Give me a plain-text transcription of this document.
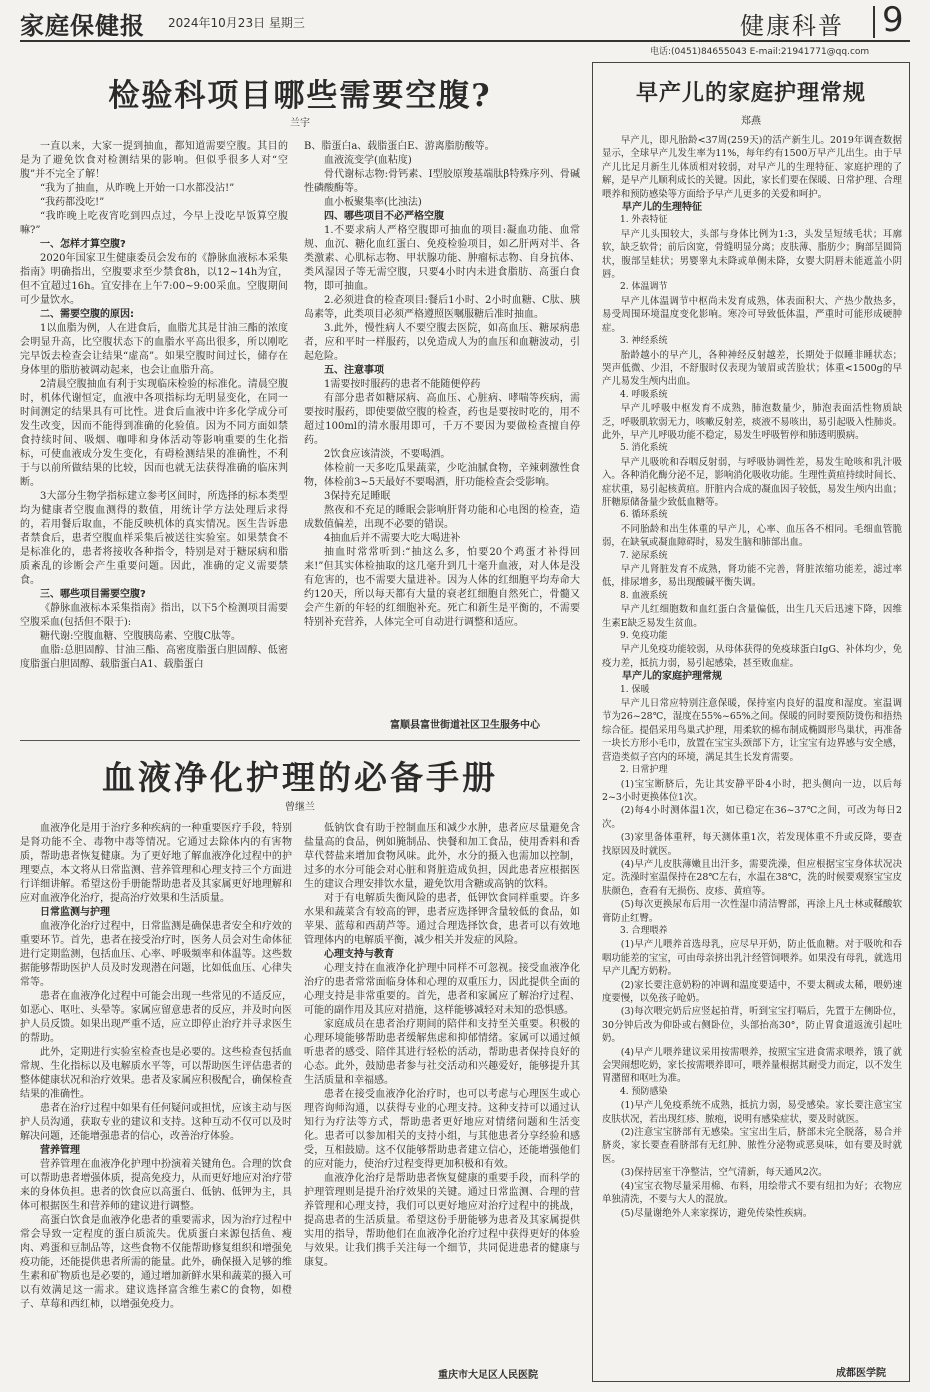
家庭保健报 2024年10月23日 星期三	健康科普 9
电话:(0451)84655043 E-mail:21941771@qq.com
检验科项目哪些需要空腹?
兰宇

一直以来，大家一提到抽血，都知道需要空腹。其目的是为了避免饮食对检测结果的影响。但似乎很多人对“空腹”并不完全了解！

“我为了抽血，从昨晚上开始一口水都没沾!”

“我药都没吃!”

“我昨晚上吃夜宵吃到四点过，今早上没吃早饭算空腹嘛?”

一、怎样才算空腹?

2020年国家卫生健康委员会发布的《静脉血液标本采集指南》明确指出，空腹要求至少禁食8h，以12~14h为宜，但不宜超过16h。宜安排在上午7:00~9:00采血。空腹期间可少量饮水。

二、需要空腹的原因:

1以血脂为例，人在进食后，血脂尤其是甘油三酯的浓度会明显升高，比空腹状态下的血脂水平高出很多，所以刚吃完早饭去检查会让结果“虚高”。如果空腹时间过长，储存在身体里的脂肪被调动起来，也会让血脂升高。

2清晨空腹抽血有利于实现临床检验的标准化。清晨空腹时，机体代谢恒定，血液中各项指标均无明显变化，在同一时间测定的结果具有可比性。进食后血液中许多化学成分可发生改变，因而不能得到准确的化验值。因为不同方面如禁食持续时间、吸烟、咖啡和身体活动等影响重要的生化指标，可使血液成分发生变化，有碍检测结果的准确性，不利于与以前所做结果的比较，因而也就无法获得准确的临床判断。

3大部分生物学指标建立参考区间时，所选择的标本类型均为健康者空腹血测得的数值，用统计学方法处理后求得的，若用餐后取血，不能反映机体的真实情况。医生告诉患者禁食后，患者空腹血样采集后被送往实验室。如果禁食不是标准化的，患者将接收各种指令，特别是对于糖尿病和脂质紊乱的诊断会产生重要问题。因此，准确的定义需要禁食。

三、哪些项目需要空腹?

《静脉血液标本采集指南》指出，以下5个检测项目需要空腹采血(包括但不限于):

糖代谢:空腹血糖、空腹胰岛素、空腹C肽等。

血脂:总胆固醇、甘油三酯、高密度脂蛋白胆固醇、低密度脂蛋白胆固醇、载脂蛋白A1、载脂蛋白

B、脂蛋白a、载脂蛋白E、游离脂肪酸等。

血液流变学(血粘度)

骨代谢标志物:骨钙素、I型胶原羧基端肽β特殊序列、骨碱性磷酸酶等。

血小板聚集率(比浊法)

四、哪些项目不必严格空腹

1.不要求病人严格空腹即可抽血的项目:凝血功能、血常规、血沉、糖化血红蛋白、免疫检验项目，如乙肝两对半、各类激素、心肌标志物、甲状腺功能、肿瘤标志物、自身抗体、类风湿因子等无需空腹，只要4小时内未进食脂肪、高蛋白食物，即可抽血。

2.必须进食的检查项目:餐后1小时、2小时血糖、C肽、胰岛素等，此类项目必须严格遵照医嘱服糖后准时抽血。

3.此外，慢性病人不要空腹去医院，如高血压、糖尿病患者，应和平时一样服药，以免造成人为的血压和血糖波动，引起危险。

五、注意事项

1需要按时服药的患者不能随便停药

有部分患者如糖尿病、高血压、心脏病、哮喘等疾病，需要按时服药，即使要做空腹的检查，药也是要按时吃的，用不超过100ml的清水服用即可，千万不要因为要做检查擅自停药。

2饮食应该清淡，不要喝酒。

体检前一天多吃瓜果蔬菜，少吃油腻食物，辛辣刺激性食物，体检前3~5天最好不要喝酒，肝功能检查会受影响。

3保持充足睡眠

熬夜和不充足的睡眠会影响肝肾功能和心电图的检查，造成数值偏差，出现不必要的错误。

4抽血后并不需要大吃大喝进补

抽血时常常听到:“抽这么多，怕要20个鸡蛋才补得回来!”但其实体检抽取的这几毫升到几十毫升血液，对人体是没有危害的，也不需要大量进补。因为人体的红细胞平均寿命大约120天，所以每天都有大量的衰老红细胞自然死亡，骨髓又会产生新的年轻的红细胞补充。死亡和新生是平衡的，不需要特别补充营养，人体完全可自动进行调整和适应。

富顺县富世街道社区卫生服务中心
血液净化护理的必备手册
曾继兰

血液净化是用于治疗多种疾病的一种重要医疗手段，特别是肾功能不全、毒物中毒等情况。它通过去除体内的有害物质，帮助患者恢复健康。为了更好地了解血液净化过程中的护理要点，本文将从日常监测、营养管理和心理支持三个方面进行详细讲解。希望这份手册能帮助患者及其家属更好地理解和应对血液净化治疗，提高治疗效果和生活质量。

日常监测与护理

血液净化治疗过程中，日常监测是确保患者安全和疗效的重要环节。首先，患者在接受治疗时，医务人员会对生命体征进行定期监测，包括血压、心率、呼吸频率和体温等。这些数据能够帮助医护人员及时发现潜在问题，比如低血压、心律失常等。

患者在血液净化过程中可能会出现一些常见的不适反应，如恶心、呕吐、头晕等。家属应留意患者的反应，并及时向医护人员反馈。如果出现严重不适，应立即停止治疗并寻求医生的帮助。

此外，定期进行实验室检查也是必要的。这些检查包括血常规、生化指标以及电解质水平等，可以帮助医生评估患者的整体健康状况和治疗效果。患者及家属应积极配合，确保检查结果的准确性。

患者在治疗过程中如果有任何疑问或担忧，应该主动与医护人员沟通，获取专业的建议和支持。这种互动不仅可以及时解决问题，还能增强患者的信心，改善治疗体验。

营养管理

营养管理在血液净化护理中扮演着关键角色。合理的饮食可以帮助患者增强体质，提高免疫力，从而更好地应对治疗带来的身体负担。患者的饮食应以高蛋白、低钠、低钾为主，具体可根据医生和营养师的建议进行调整。

高蛋白饮食是血液净化患者的重要需求，因为治疗过程中常会导致一定程度的蛋白质流失。优质蛋白来源包括鱼、瘦肉、鸡蛋和豆制品等，这些食物不仅能帮助修复组织和增强免疫功能，还能提供患者所需的能量。此外，确保摄入足够的维生素和矿物质也是必要的，通过增加新鲜水果和蔬菜的摄入可以有效满足这一需求。建议选择富含维生素C的食物，如橙子、草莓和西红柿，以增强免疫力。

低钠饮食有助于控制血压和减少水肿，患者应尽量避免含盐量高的食品，例如腌制品、快餐和加工食品，使用香料和香草代替盐来增加食物风味。此外，水分的摄入也需加以控制，过多的水分可能会对心脏和肾脏造成负担，因此患者应根据医生的建议合理安排饮水量，避免饮用含糖或高钠的饮料。

对于有电解质失衡风险的患者，低钾饮食同样重要。许多水果和蔬菜含有较高的钾，患者应选择钾含量较低的食品，如苹果、蓝莓和西葫芦等。通过合理选择饮食，患者可以有效地管理体内的电解质平衡，减少相关并发症的风险。

心理支持与教育

心理支持在血液净化护理中同样不可忽视。接受血液净化治疗的患者常常面临身体和心理的双重压力，因此提供全面的心理支持是非常重要的。首先，患者和家属应了解治疗过程、可能的副作用及其应对措施，这样能够减轻对未知的恐惧感。

家庭成员在患者治疗期间的陪伴和支持至关重要。积极的心理环境能够帮助患者缓解焦虑和抑郁情绪。家属可以通过倾听患者的感受、陪伴其进行轻松的活动，帮助患者保持良好的心态。此外，鼓励患者参与社交活动和兴趣爱好，能够提升其生活质量和幸福感。

患者在接受血液净化治疗时，也可以考虑与心理医生或心理咨询师沟通，以获得专业的心理支持。这种支持可以通过认知行为疗法等方式，帮助患者更好地应对情绪问题和生活变化。患者可以参加相关的支持小组，与其他患者分享经验和感受，互相鼓励。这不仅能够帮助患者建立信心，还能增强他们的应对能力，使治疗过程变得更加积极和有效。

血液净化治疗是帮助患者恢复健康的重要手段，而科学的护理管理则是提升治疗效果的关键。通过日常监测、合理的营养管理和心理支持，我们可以更好地应对治疗过程中的挑战，提高患者的生活质量。希望这份手册能够为患者及其家属提供实用的指导，帮助他们在血液净化治疗过程中获得更好的体验与效果。让我们携手关注每一个细节，共同促进患者的健康与康复。

重庆市大足区人民医院
早产儿的家庭护理常规
郑燕

早产儿，即凡胎龄<37周(259天)的活产新生儿。2019年调查数据显示，全球早产儿发生率为11%，每年约有1500万早产儿出生。由于早产儿比足月新生儿体质相对较弱，对早产儿的生理特征、家庭护理的了解，是早产儿顺利成长的关键。因此，家长们要在保暖、日常护理、合理喂养和预防感染等方面给予早产儿更多的关爱和呵护。

早产儿的生理特征

1. 外表特征

早产儿头围较大，头部与身体比例为1:3，头发呈短绒毛状；耳廓软，缺乏软骨；前后囟宽，骨缝明显分离；皮肤薄、脂肪少；胸部呈圆筒状，腹部呈蛙状；男婴睾丸未降或单侧未降，女婴大阴唇未能遮盖小阴唇。

2. 体温调节

早产儿体温调节中枢尚未发育成熟，体表面积大、产热少散热多，易受周围环境温度变化影响。寒冷可导致低体温，严重时可能形成硬肿症。

3. 神经系统

胎龄越小的早产儿，各种神经反射越差，长期处于似睡非睡状态；哭声低微、少泪，不舒服时仅表现为皱眉或苦脸状；体重<1500g的早产儿易发生颅内出血。

4. 呼吸系统

早产儿呼吸中枢发育不成熟，肺泡数量少，肺泡表面活性物质缺乏，呼吸肌软弱无力，咳嗽反射差，痰液不易咳出，易引起吸入性肺炎。此外，早产儿呼吸功能不稳定，易发生呼吸暂停和肺透明膜病。

5. 消化系统

早产儿吸吮和吞咽反射弱，与呼吸协调性差，易发生呛咳和乳汁吸入。各种消化酶分泌不足，影响消化吸收功能。生理性黄疸持续时间长、症状重，易引起核黄疸。肝脏内合成的凝血因子较低，易发生颅内出血；肝糖原储备量少致低血糖等。

6. 循环系统

不同胎龄和出生体重的早产儿，心率、血压各不相同。毛细血管脆弱，在缺氧或凝血障碍时，易发生脑和肺部出血。

7. 泌尿系统

早产儿肾脏发育不成熟，肾功能不完善，肾脏浓缩功能差，滤过率低，排尿增多，易出现酸碱平衡失调。

8. 血液系统

早产儿红细胞数和血红蛋白含量偏低，出生几天后迅速下降，因维生素E缺乏易发生贫血。

9. 免疫功能

早产儿免疫功能较弱，从母体获得的免疫球蛋白IgG、补体均少，免疫力差，抵抗力弱，易引起感染，甚至败血症。

早产儿的家庭护理常规

1. 保暖

早产儿日常应特别注意保暖，保持室内良好的温度和湿度。室温调节为26~28℃，湿度在55%~65%之间。保暖的同时要预防烫伤和捂热综合征。提倡采用鸟巢式护理，用柔软的棉布制成椭圆形鸟巢状，再准备一块长方形小毛巾，放置在宝宝头颈部下方，让宝宝有边界感与安全感，营造类似子宫内的环境，满足其生长发育需要。

2. 日常护理

(1)宝宝断脐后，先让其安静平卧4小时，把头侧向一边，以后每2~3小时更换体位1次。

(2)每4小时测体温1次，如已稳定在36~37℃之间，可改为每日2次。

(3)家里备体重秤，每天测体重1次，若发现体重不升或反降，要查找原因及时就医。

(4)早产儿皮肤薄嫩且出汗多，需要洗澡，但应根据宝宝身体状况决定。洗澡时室温保持在28℃左右，水温在38℃，洗的时候要观察宝宝皮肤颜色，查看有无损伤、皮疹、黄疸等。

(5)每次更换尿布后用一次性湿巾清洁臀部，再涂上凡士林或鞣酸软膏防止红臀。

3. 合理喂养

(1)早产儿喂养首选母乳，应尽早开奶，防止低血糖。对于吸吮和吞咽功能差的宝宝，可由母亲挤出乳汁经管饲喂养。如果没有母乳，就选用早产儿配方奶粉。

(2)家长要注意奶粉的冲调和温度要适中，不要太稠或太稀，喂奶速度要慢，以免孩子呛奶。

(3)每次喂完奶后应竖起拍背，听到宝宝打嗝后，先置于左侧卧位，30分钟后改为仰卧或右侧卧位，头部抬高30°，防止胃食道返流引起吐奶。

(4)早产儿喂养建议采用按需喂养，按照宝宝进食需求喂养，饿了就会哭闹想吃奶，家长按需喂养即可，喂养量根据其耐受力而定，以不发生胃潴留和呕吐为准。

4. 预防感染

(1)早产儿免疫系统不成熟，抵抗力弱，易受感染。家长要注意宝宝皮肤状况，若出现红疹、脓疱，说明有感染症状，要及时就医。

(2)注意宝宝脐部有无感染。宝宝出生后，脐部未完全脱落，易合并脐炎，家长要查看脐部有无红肿、脓性分泌物或恶臭味，如有要及时就医。

(3)保持居室干净整洁，空气清新，每天通风2次。

(4)宝宝衣物尽量采用棉、布料，用绘带式不要有纽扣为好；衣物应单独清洗，不要与大人的混放。

(5)尽量谢绝外人来家探访，避免传染性疾病。

成都医学院
